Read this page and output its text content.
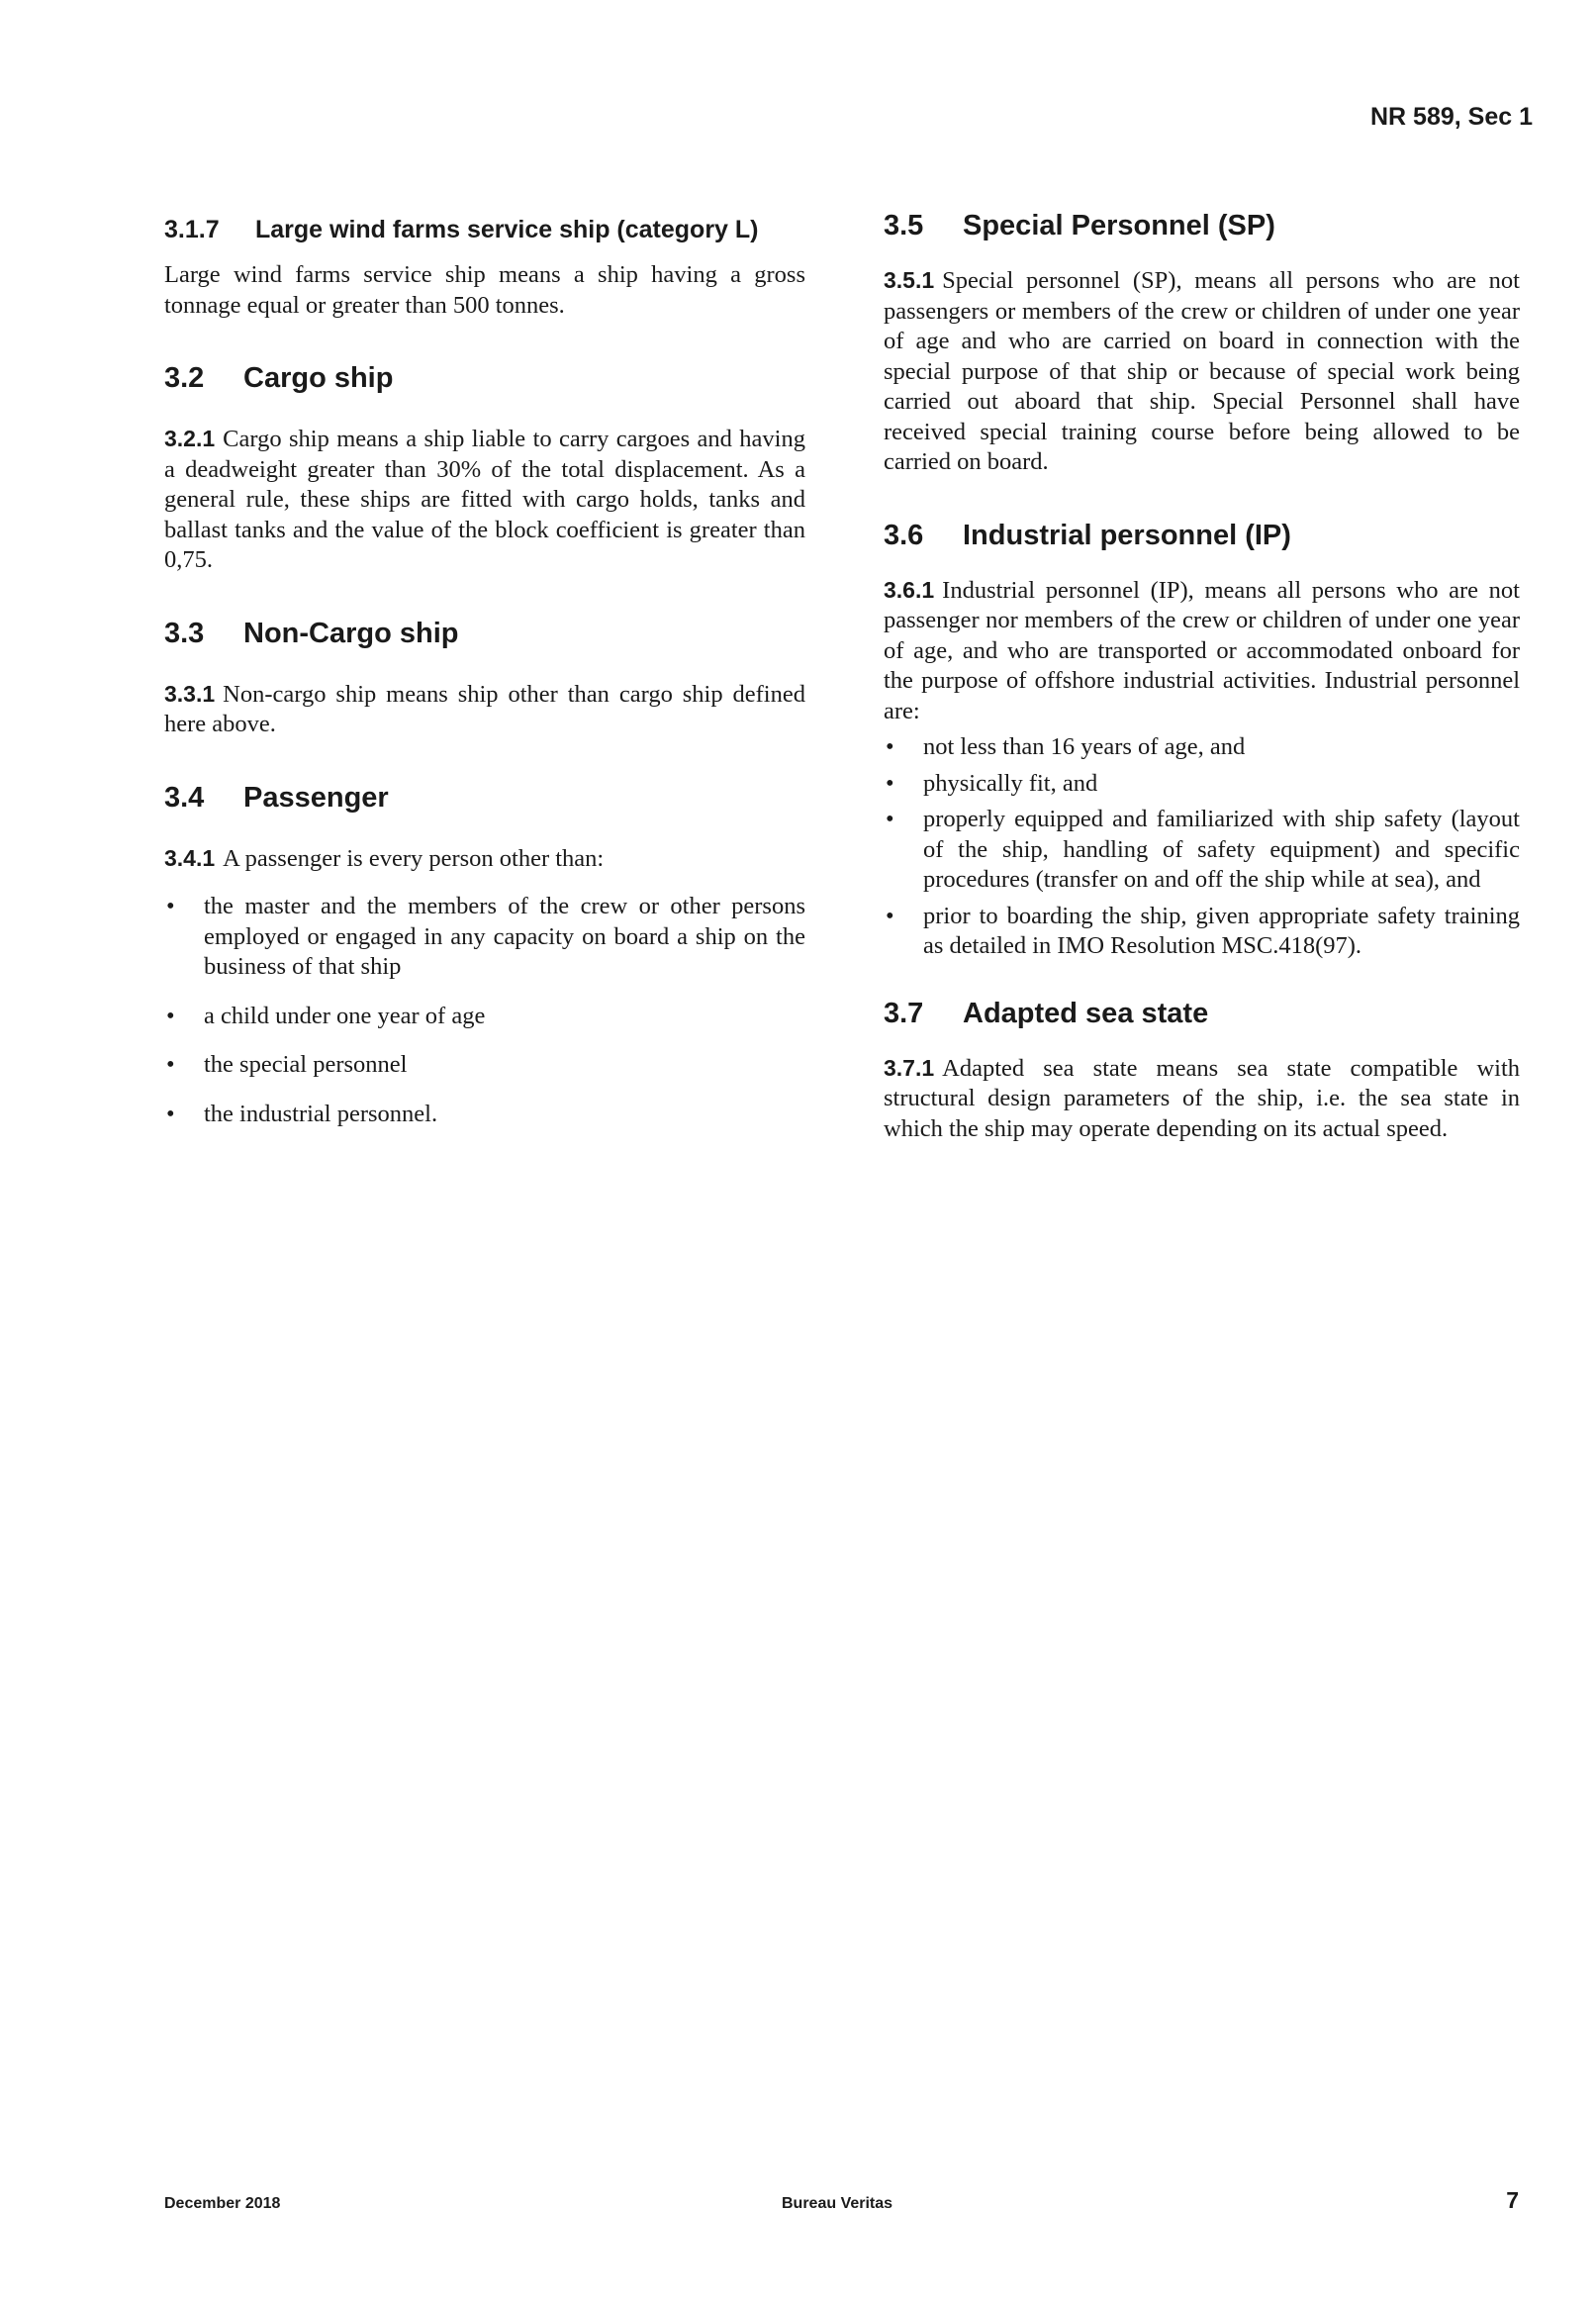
NR 589, Sec 1
3.1.7 Large wind farms service ship (category L)

Large wind farms service ship means a ship having a gross tonnage equal or greater than 500 tonnes.

3.2 Cargo ship

3.2.1 Cargo ship means a ship liable to carry cargoes and having a deadweight greater than 30% of the total displacement. As a general rule, these ships are fitted with cargo holds, tanks and ballast tanks and the value of the block coefficient is greater than 0,75.

3.3 Non-Cargo ship

3.3.1 Non-cargo ship means ship other than cargo ship defined here above.

3.4 Passenger

3.4.1 A passenger is every person other than:

• the master and the members of the crew or other persons employed or engaged in any capacity on board a ship on the business of that ship
• a child under one year of age
• the special personnel
• the industrial personnel.
3.5 Special Personnel (SP)

3.5.1 Special personnel (SP), means all persons who are not passengers or members of the crew or children of under one year of age and who are carried on board in connection with the special purpose of that ship or because of special work being carried out aboard that ship. Special Personnel shall have received special training course before being allowed to be carried on board.

3.6 Industrial personnel (IP)

3.6.1 Industrial personnel (IP), means all persons who are not passenger nor members of the crew or children of under one year of age, and who are transported or accommodated onboard for the purpose of offshore industrial activities. Industrial personnel are:

• not less than 16 years of age, and
• physically fit, and
• properly equipped and familiarized with ship safety (layout of the ship, handling of safety equipment) and specific procedures (transfer on and off the ship while at sea), and
• prior to boarding the ship, given appropriate safety training as detailed in IMO Resolution MSC.418(97).
3.7 Adapted sea state

3.7.1 Adapted sea state means sea state compatible with structural design parameters of the ship, i.e. the sea state in which the ship may operate depending on its actual speed.

December 2018	Bureau Veritas	7
